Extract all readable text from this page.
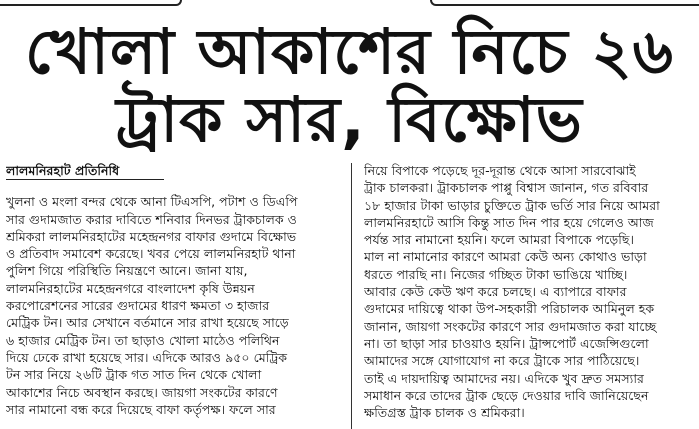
খোলা আকাশের নিচে ২৬
ট্রাক সার, বিক্ষোভ
লালমনিরহাট প্রতিনিধি
খুলনা ও মংলা বন্দর থেকে আনা টিএসপি, পটাশ ও ডিএপি
সার গুদামজাত করার দাবিতে শনিবার দিনভর ট্রাকচালক ও
শ্রমিকরা লালমনিরহাটের মহেন্দ্রনগর বাফার গুদামে বিক্ষোভ
ও প্রতিবাদ সমাবেশ করেছে। খবর পেয়ে লালমনিরহাট থানা
পুলিশ গিয়ে পরিস্থিতি নিয়ন্ত্রণে আনে। জানা যায়,
লালমনিরহাটের মহেন্দ্রনগরে বাংলাদেশ কৃষি উন্নয়ন
করপোরেশনের সারের গুদামের ধারণ ক্ষমতা ৩ হাজার
মেট্রিক টন। আর সেখানে বর্তমানে সার রাখা হয়েছে সাড়ে
৬ হাজার মেট্রিক টন। তা ছাড়াও খোলা মাঠেও পলিথিন
দিয়ে ঢেকে রাখা হয়েছে সার। এদিকে আরও ৯৫০ মেট্রিক
টন সার নিয়ে ২৬টি ট্রাক গত সাত দিন থেকে খোলা
আকাশের নিচে অবস্থান করছে। জায়গা সংকটের কারণে
সার নামানো বন্ধ করে দিয়েছে বাফা কর্তৃপক্ষ। ফলে সার
নিয়ে বিপাকে পড়েছে দূর-দূরান্ত থেকে আসা সারবোঝাই
ট্রাক চালকরা। ট্রাকচালক পাপ্পু বিশ্বাস জানান, গত রবিবার
১৮ হাজার টাকা ভাড়ার চুক্তিতে ট্রাক ভর্তি সার নিয়ে আমরা
লালমনিরহাটে আসি কিন্তু সাত দিন পার হয়ে গেলেও আজ
পর্যন্ত সার নামানো হয়নি। ফলে আমরা বিপাকে পড়েছি।
মাল না নামানোর কারণে আমরা কেউ অন্য কোথাও ভাড়া
ধরতে পারছি না। নিজের গচ্ছিত টাকা ভাঙিয়ে খাচ্ছি।
আবার কেউ কেউ ঋণ করে চলছে। এ ব্যাপারে বাফার
গুদামের দায়িত্বে থাকা উপ-সহকারী পরিচালক আমিনুল হক
জানান, জায়গা সংকটের কারণে সার গুদামজাত করা যাচ্ছে
না। তা ছাড়া সার চাওয়াও হয়নি। ট্রান্সপোর্ট এজেন্সিগুলো
আমাদের সঙ্গে যোগাযোগ না করে ট্রাকে সার পাঠিয়েছে।
তাই এ দায়দায়িত্ব আমাদের নয়। এদিকে খুব দ্রুত সমস্যার
সমাধান করে তাদের ট্রাক ছেড়ে দেওয়ার দাবি জানিয়েছেন
ক্ষতিগ্রস্ত ট্রাক চালক ও শ্রমিকরা।
